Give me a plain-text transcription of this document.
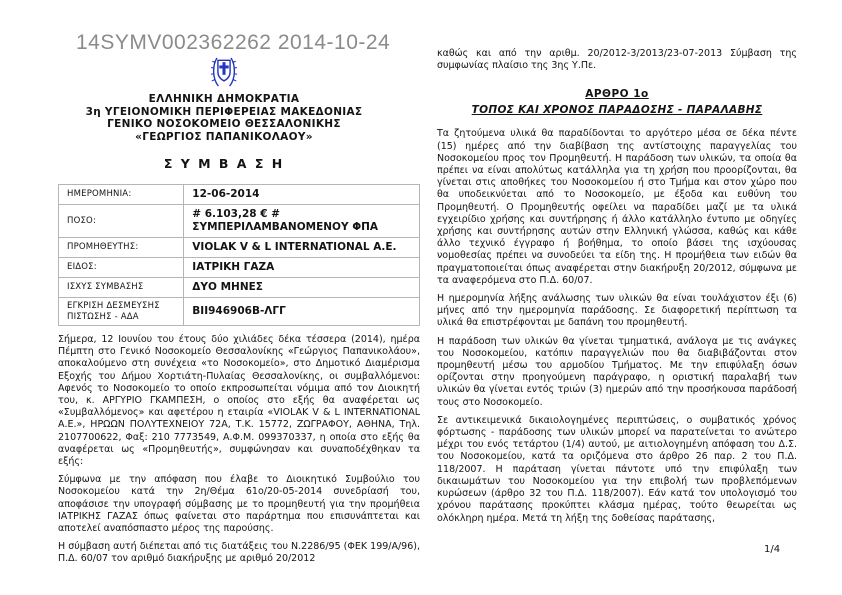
14SYMV002362262 2014-10-24
ΕΛΛΗΝΙΚΗ ΔΗΜΟΚΡΑΤΙΑ
3η ΥΓΕΙΟΝΟΜΙΚΗ ΠΕΡΙΦΕΡΕΙΑΣ ΜΑΚΕΔΟΝΙΑΣ
ΓΕΝΙΚΟ ΝΟΣΟΚΟΜΕΙΟ ΘΕΣΣΑΛΟΝΙΚΗΣ
«ΓΕΩΡΓΙΟΣ ΠΑΠΑΝΙΚΟΛΑΟΥ»
Σ Υ Μ Β Α Σ Η
ΗΜΕΡΟΜΗΝΙΑ:	12-06-2014
ΠΟΣΟ:	# 6.103,28 € # ΣΥΜΠΕΡΙΛΑΜΒΑΝΟΜΕΝΟΥ ΦΠΑ
ΠΡΟΜΗΘΕΥΤΗΣ:	VIOLAK V & L INTERNATIONAL Α.Ε.
ΕΙΔΟΣ:	ΙΑΤΡΙΚΗ ΓΑΖΑ
ΙΣΧΥΣ ΣΥΜΒΑΣΗΣ	ΔΥΟ ΜΗΝΕΣ
ΕΓΚΡΙΣΗ ΔΕΣΜΕΥΣΗΣ ΠΙΣΤΩΣΗΣ - ΑΔΑ	ΒΙΙ946906Β-ΛΓΓ

Σήμερα, 12 Ιουνίου του έτους δύο χιλιάδες δέκα τέσσερα (2014), ημέρα Πέμπτη στο Γενικό Νοσοκομείο Θεσσαλονίκης «Γεώργιος Παπανικολάου», αποκαλούμενο στη συνέχεια «το Νοσοκομείο», στο Δημοτικό Διαμέρισμα Εξοχής του Δήμου Χορτιάτη-Πυλαίας Θεσσαλονίκης, οι συμβαλλόμενοι: Αφενός το Νοσοκομείο το οποίο εκπροσωπείται νόμιμα από τον Διοικητή του, κ. ΑΡΓΥΡΙΟ ΓΚΑΜΠΕΣΗ, ο οποίος στο εξής θα αναφέρεται ως «Συμβαλλόμενος» και αφετέρου η εταιρία «VIOLAK V & L INTERNATIONAL Α.Ε.», ΗΡΩΩΝ ΠΟΛΥΤΕΧΝΕΙΟΥ 72Α, Τ.Κ. 15772, ΖΩΓΡΑΦΟΥ, ΑΘΗΝΑ, Τηλ. 2107700622, Φαξ: 210 7773549, Α.Φ.Μ. 099370337, η οποία στο εξής θα αναφέρεται ως «Προμηθευτής», συμφώνησαν και συναποδέχθηκαν τα εξής:

Σύμφωνα με την απόφαση που έλαβε το Διοικητικό Συμβούλιο του Νοσοκομείου κατά την 2η/Θέμα 61ο/20-05-2014 συνεδρίασή του, αποφάσισε την υπογραφή σύμβασης με το προμηθευτή για την προμήθεια ΙΑΤΡΙΚΗΣ ΓΑΖΑΣ όπως φαίνεται στο παράρτημα που επισυνάπτεται και αποτελεί αναπόσπαστο μέρος της παρούσης.

Η σύμβαση αυτή διέπεται από τις διατάξεις του Ν.2286/95 (ΦΕΚ 199/Α/96), Π.Δ. 60/07 τον αριθμό διακήρυξης με αριθμό 20/2012

καθώς και από την αριθμ. 20/2012-3/2013/23-07-2013 Σύμβαση της συμφωνίας πλαίσιο της 3ης Υ.Πε.

ΑΡΘΡΟ 1ο
ΤΟΠΟΣ ΚΑΙ ΧΡΟΝΟΣ ΠΑΡΑΔΟΣΗΣ - ΠΑΡΑΛΑΒΗΣ

Τα ζητούμενα υλικά θα παραδίδονται το αργότερο μέσα σε δέκα πέντε (15) ημέρες από την διαβίβαση της αντίστοιχης παραγγελίας του Νοσοκομείου προς τον Προμηθευτή. Η παράδοση των υλικών, τα οποία θα πρέπει να είναι απολύτως κατάλληλα για τη χρήση που προορίζονται, θα γίνεται στις αποθήκες του Νοσοκομείου ή στο Τμήμα και στον χώρο που θα υποδεικνύεται από το Νοσοκομείο, με έξοδα και ευθύνη του Προμηθευτή. Ο Προμηθευτής οφείλει να παραδίδει μαζί με τα υλικά εγχειρίδιο χρήσης και συντήρησης ή άλλο κατάλληλο έντυπο με οδηγίες χρήσης και συντήρησης αυτών στην Ελληνική γλώσσα, καθώς και κάθε άλλο τεχνικό έγγραφο ή βοήθημα, το οποίο βάσει της ισχύουσας νομοθεσίας πρέπει να συνοδεύει τα είδη της. Η προμήθεια των ειδών θα πραγματοποιείται όπως αναφέρεται στην διακήρυξη 20/2012, σύμφωνα με τα αναφερόμενα στο Π.Δ. 60/07.

Η ημερομηνία λήξης ανάλωσης των υλικών θα είναι τουλάχιστον έξι (6) μήνες από την ημερομηνία παράδοσης. Σε διαφορετική περίπτωση τα υλικά θα επιστρέφονται με δαπάνη του προμηθευτή.

Η παράδοση των υλικών θα γίνεται τμηματικά, ανάλογα με τις ανάγκες του Νοσοκομείου, κατόπιν παραγγελιών που θα διαβιβάζονται στον προμηθευτή μέσω του αρμοδίου Τμήματος. Με την επιφύλαξη όσων ορίζονται στην προηγούμενη παράγραφο, η οριστική παραλαβή των υλικών θα γίνεται εντός τριών (3) ημερών από την προσήκουσα παράδοσή τους στο Νοσοκομείο.

Σε αντικειμενικά δικαιολογημένες περιπτώσεις, ο συμβατικός χρόνος φόρτωσης - παράδοσης των υλικών μπορεί να παρατείνεται το ανώτερο μέχρι του ενός τετάρτου (1/4) αυτού, με αιτιολογημένη απόφαση του Δ.Σ. του Νοσοκομείου, κατά τα οριζόμενα στο άρθρο 26 παρ. 2 του Π.Δ. 118/2007. Η παράταση γίνεται πάντοτε υπό την επιφύλαξη των δικαιωμάτων του Νοσοκομείου για την επιβολή των προβλεπόμενων κυρώσεων (άρθρο 32 του Π.Δ. 118/2007). Εάν κατά τον υπολογισμό του χρόνου παράτασης προκύπτει κλάσμα ημέρας, τούτο θεωρείται ως ολόκληρη ημέρα. Μετά τη λήξη της δοθείσας παράτασης,

1/4
